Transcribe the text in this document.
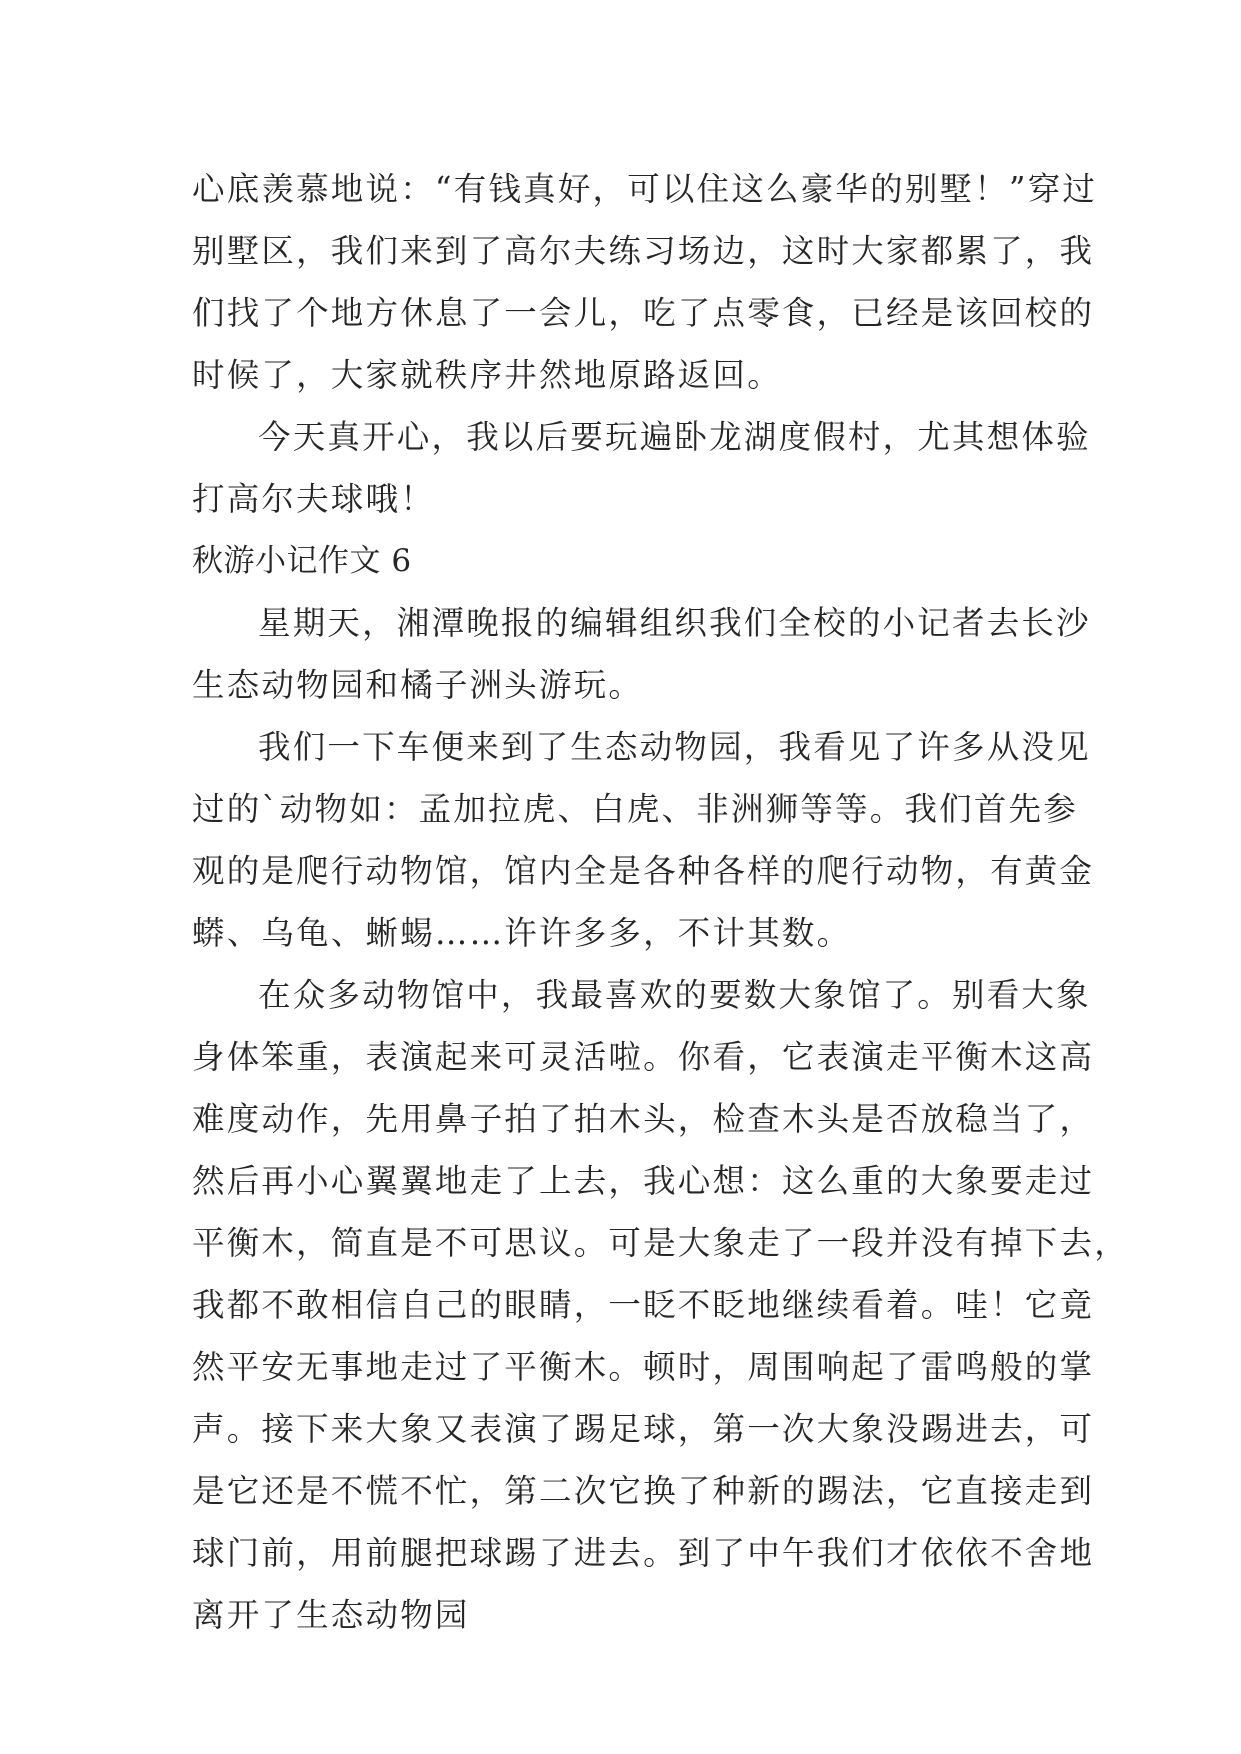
心底羡慕地说：“有钱真好，可以住这么豪华的别墅！”穿过
别墅区，我们来到了高尔夫练习场边，这时大家都累了，我
们找了个地方休息了一会儿，吃了点零食，已经是该回校的
时候了，大家就秩序井然地原路返回。
今天真开心，我以后要玩遍卧龙湖度假村，尤其想体验
打高尔夫球哦！
秋游小记作文 6
星期天，湘潭晚报的编辑组织我们全校的小记者去长沙
生态动物园和橘子洲头游玩。
我们一下车便来到了生态动物园，我看见了许多从没见
过的`动物如：孟加拉虎、白虎、非洲狮等等。我们首先参
观的是爬行动物馆，馆内全是各种各样的爬行动物，有黄金
蟒、乌龟、蜥蜴……许许多多，不计其数。
在众多动物馆中，我最喜欢的要数大象馆了。别看大象
身体笨重，表演起来可灵活啦。你看，它表演走平衡木这高
难度动作，先用鼻子拍了拍木头，检查木头是否放稳当了，
然后再小心翼翼地走了上去，我心想：这么重的大象要走过
平衡木，简直是不可思议。可是大象走了一段并没有掉下去，
我都不敢相信自己的眼睛，一眨不眨地继续看着。哇！它竟
然平安无事地走过了平衡木。顿时，周围响起了雷鸣般的掌
声。接下来大象又表演了踢足球，第一次大象没踢进去，可
是它还是不慌不忙，第二次它换了种新的踢法，它直接走到
球门前，用前腿把球踢了进去。到了中午我们才依依不舍地
离开了生态动物园
